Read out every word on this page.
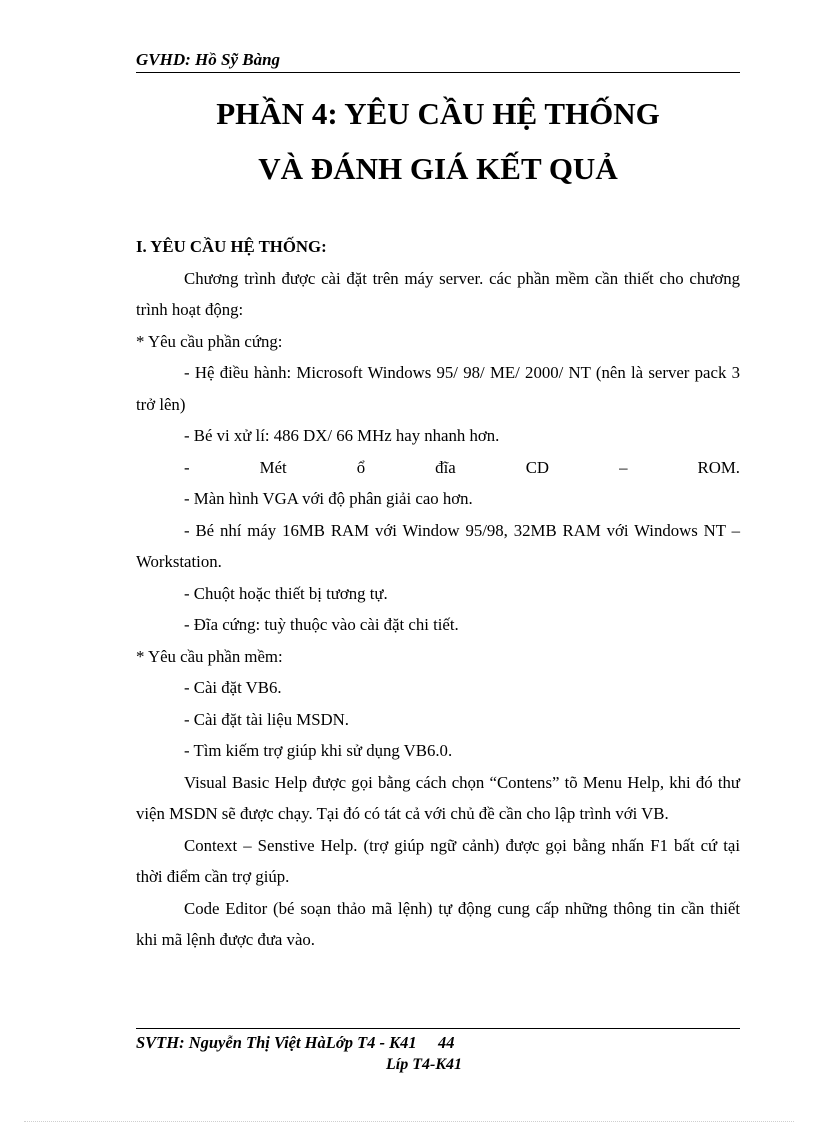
GVHD: Hồ Sỹ Bàng
PHẦN 4: YÊU CẦU HỆ THỐNG
VÀ ĐÁNH GIÁ KẾT QUẢ

I. YÊU CẦU HỆ THỐNG:

Chương trình được cài đặt trên máy server. các phần mềm cần thiết cho chương trình hoạt động:

* Yêu cầu phần cứng:

- Hệ điều hành: Microsoft Windows 95/ 98/ ME/ 2000/ NT (nên là server pack 3 trở lên)

- Bé vi xử lí: 486 DX/ 66 MHz hay nhanh hơn.

- Mét ổ đĩa CD – ROM.

- Màn hình VGA với độ phân giải cao hơn.

- Bé nhí máy 16MB RAM với Window 95/98, 32MB RAM với Windows NT – Workstation.

- Chuột hoặc thiết bị tương tự.

- Đĩa cứng: tuỳ thuộc vào cài đặt chi tiết.

* Yêu cầu phần mềm:

- Cài đặt VB6.

- Cài đặt tài liệu MSDN.

- Tìm kiếm trợ giúp khi sử dụng VB6.0.

Visual Basic Help được gọi bằng cách chọn “Contens” tõ Menu Help, khi đó thư viện MSDN sẽ được chạy. Tại đó có tát cả với chủ đề cần cho lập trình với VB.

Context – Senstive Help. (trợ giúp ngữ cảnh) được gọi bằng nhấn F1 bất cứ tại thời điểm cần trợ giúp.

Code Editor (bé soạn thảo mã lệnh) tự động cung cấp những thông tin cần thiết khi mã lệnh được đưa vào.

SVTH: Nguyễn Thị Việt HàLớp T4 - K41 44
Líp T4-K41
